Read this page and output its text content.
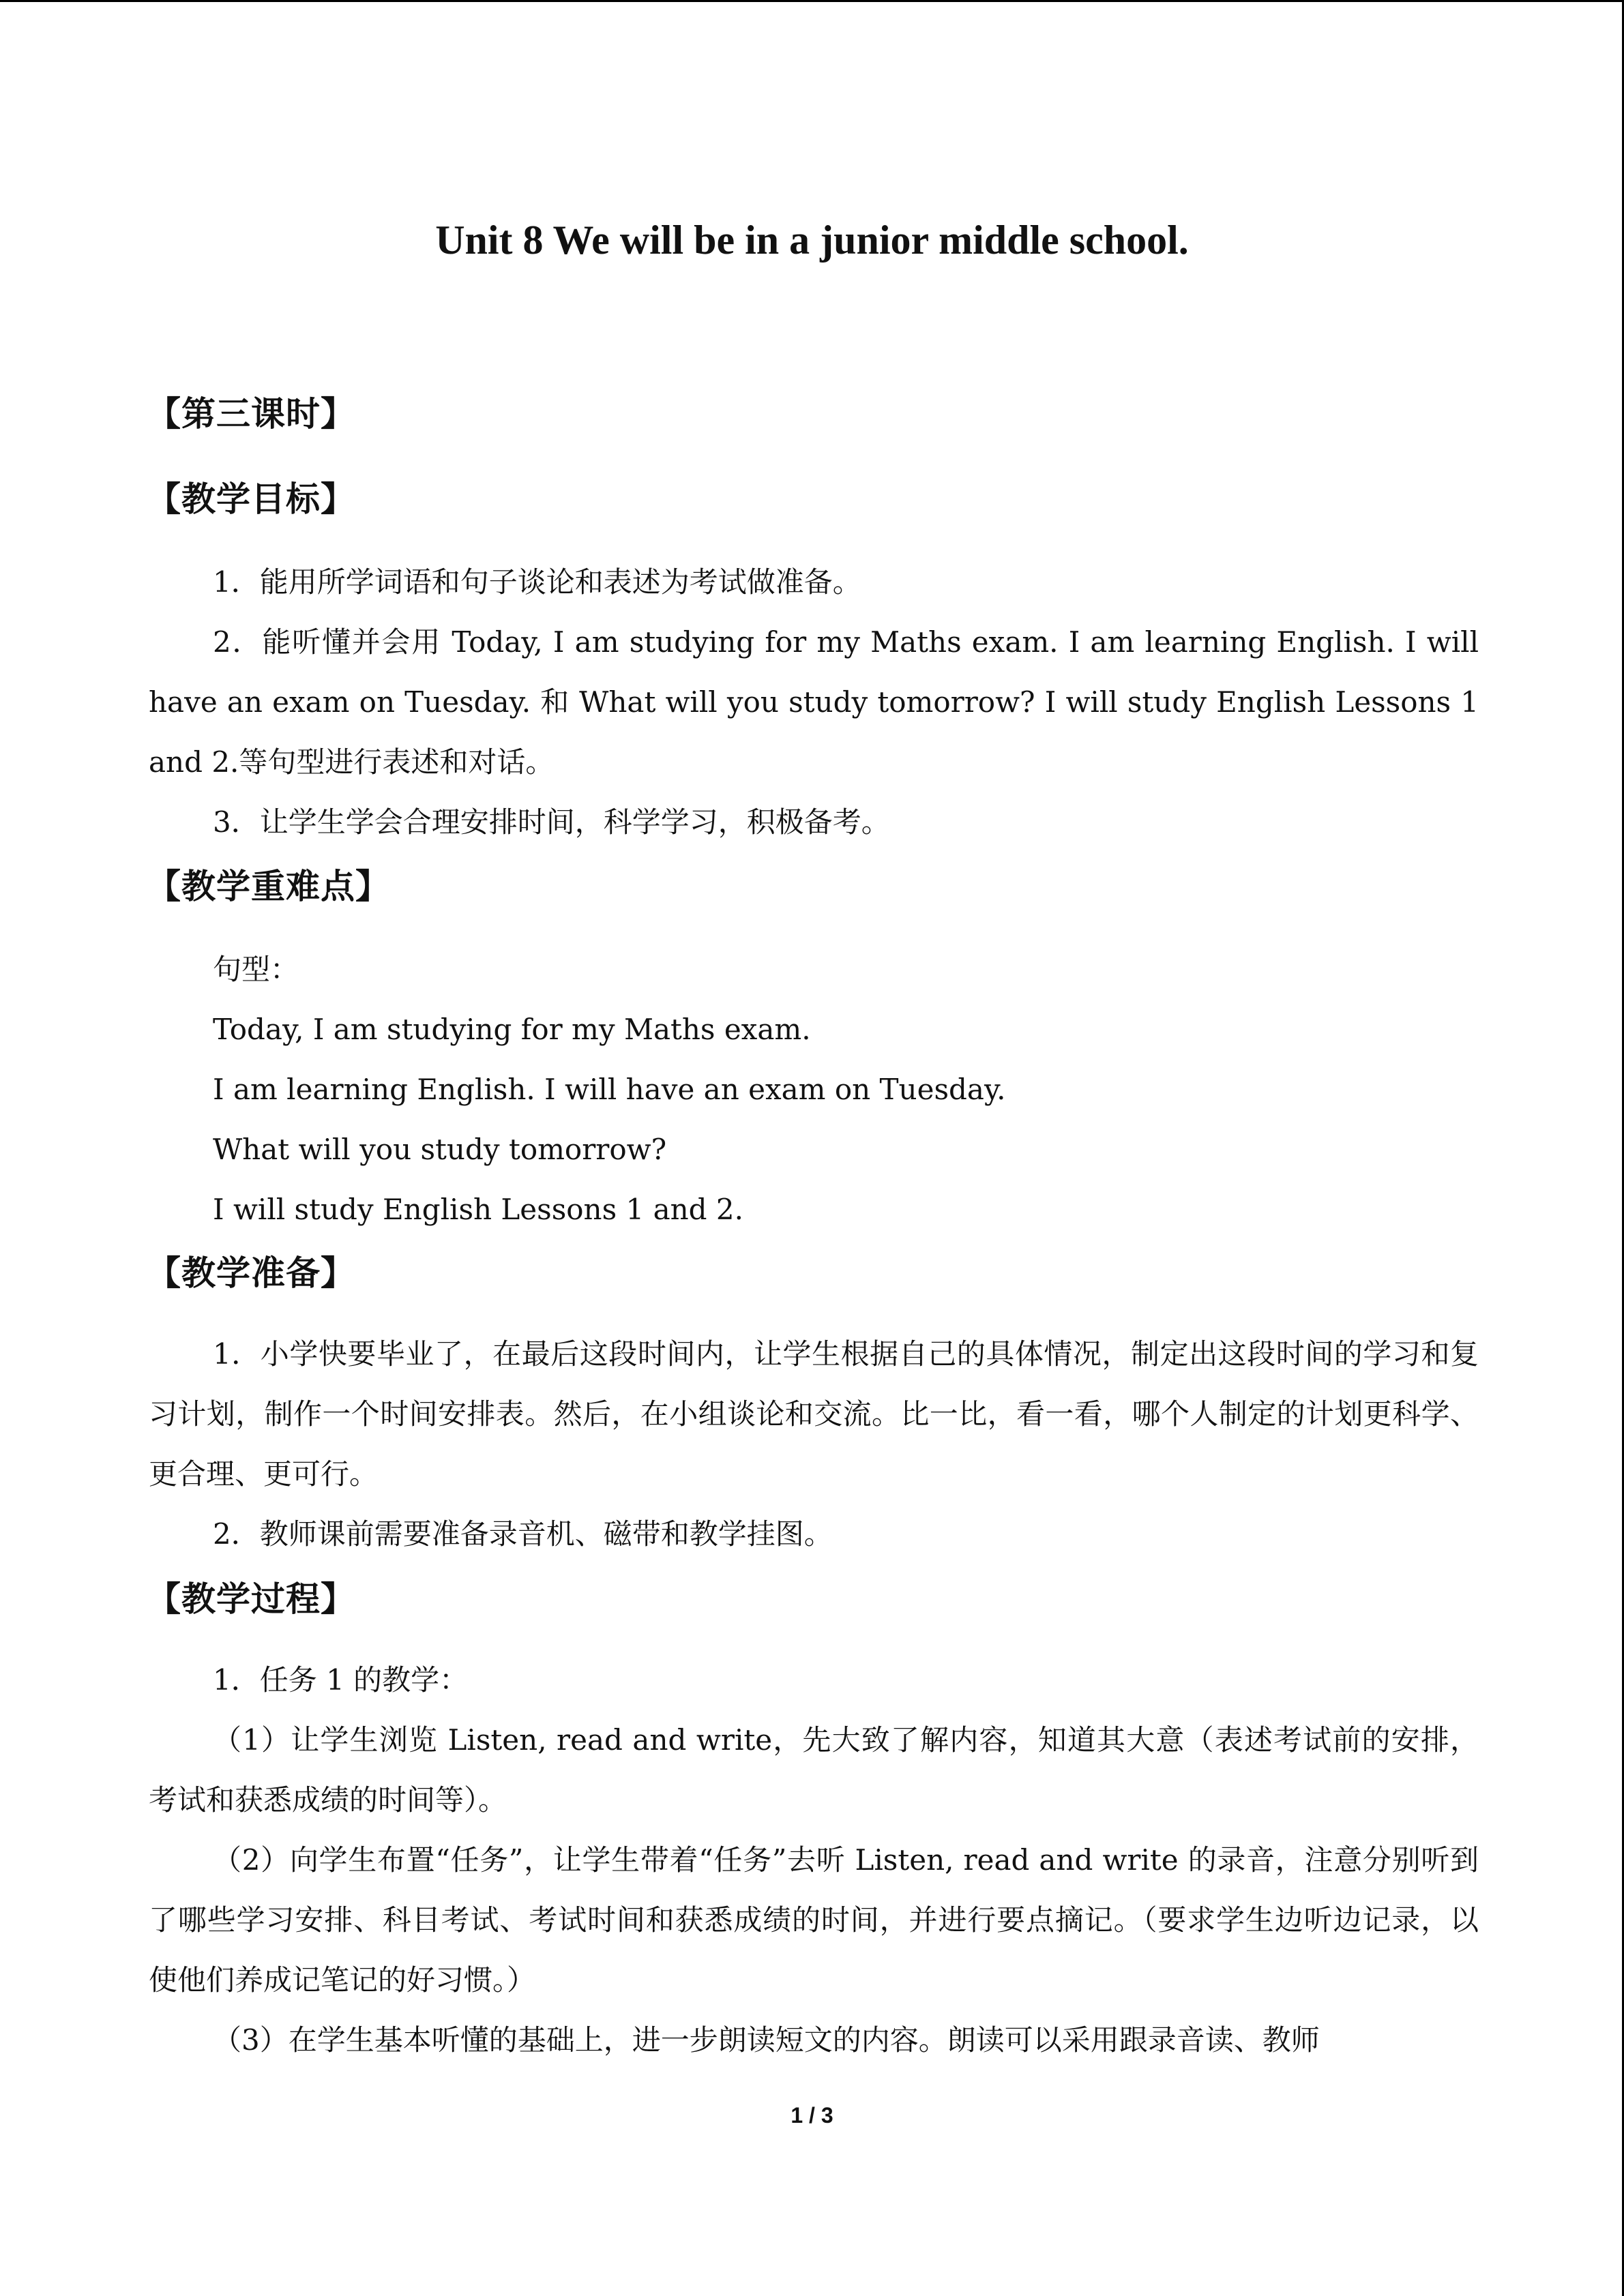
Unit 8 We will be in a junior middle school.
【第三课时】
【教学目标】

1．能用所学词语和句子谈论和表述为考试做准备。

2．能听懂并会用 Today, I am studying for my Maths exam. I am learning English. I will have an exam on Tuesday. 和 What will you study tomorrow? I will study English Lessons 1 and 2.等句型进行表述和对话。

3．让学生学会合理安排时间，科学学习，积极备考。

【教学重难点】

句型：

Today, I am studying for my Maths exam.

I am learning English. I will have an exam on Tuesday.

What will you study tomorrow?

I will study English Lessons 1 and 2.

【教学准备】

1．小学快要毕业了，在最后这段时间内，让学生根据自己的具体情况，制定出这段时间的学习和复习计划，制作一个时间安排表。然后，在小组谈论和交流。比一比，看一看，哪个人制定的计划更科学、更合理、更可行。

2．教师课前需要准备录音机、磁带和教学挂图。

【教学过程】

1．任务 1 的教学：

（1）让学生浏览 Listen, read and write，先大致了解内容，知道其大意（表述考试前的安排，考试和获悉成绩的时间等）。

（2）向学生布置“任务”，让学生带着“任务”去听 Listen, read and write 的录音，注意分别听到了哪些学习安排、科目考试、考试时间和获悉成绩的时间，并进行要点摘记。（要求学生边听边记录，以使他们养成记笔记的好习惯。）

（3）在学生基本听懂的基础上，进一步朗读短文的内容。朗读可以采用跟录音读、教师

1 / 3
